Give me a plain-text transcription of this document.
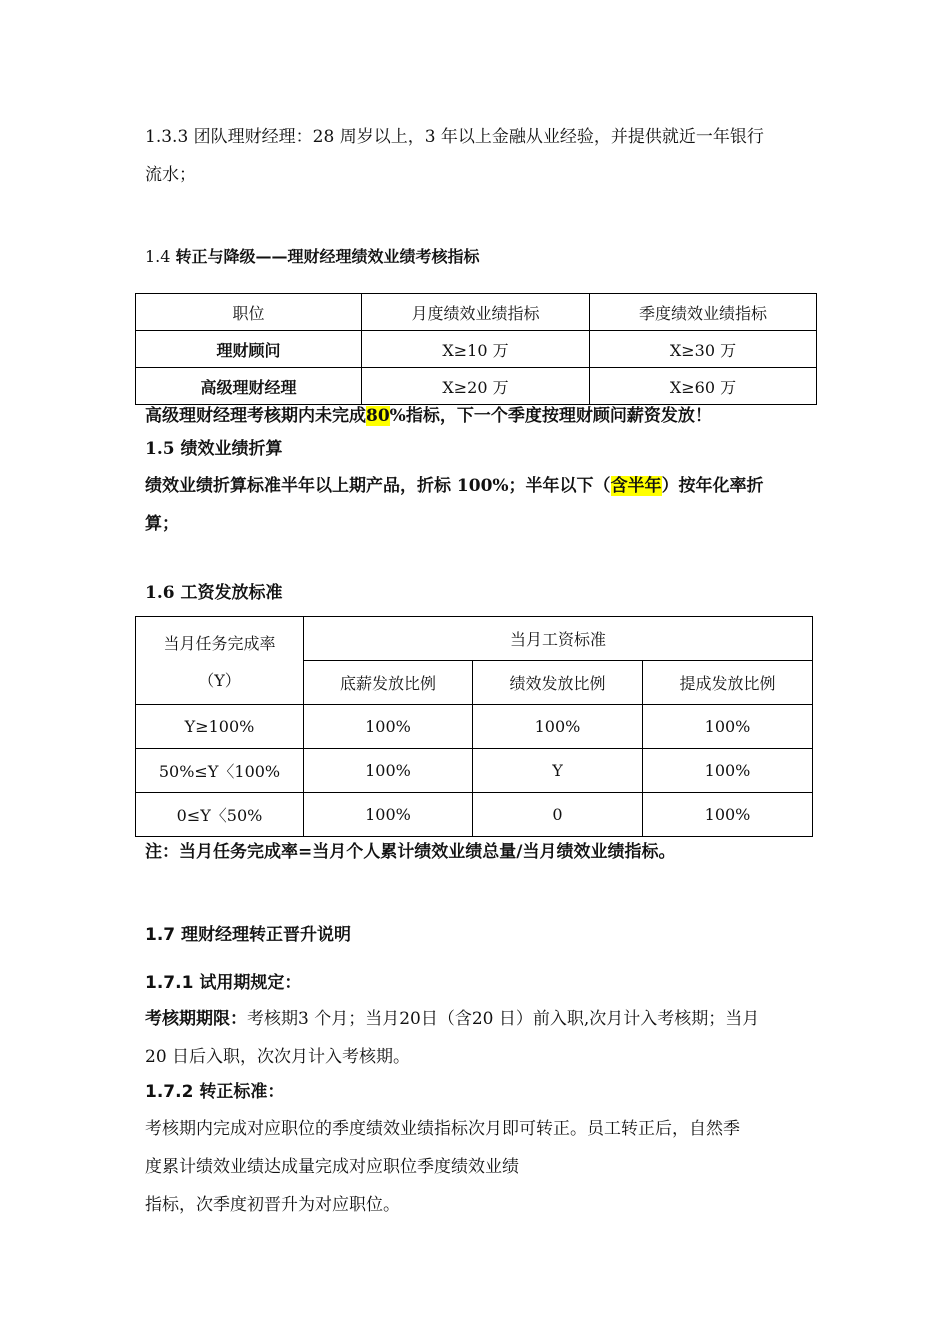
1.3.3 团队理财经理：28 周岁以上，3 年以上金融从业经验，并提供就近一年银行
流水；

1.4 转正与降级——理财经理绩效业绩考核指标

职位	月度绩效业绩指标	季度绩效业绩指标
理财顾问	X≥10 万	X≥30 万
高级理财经理	X≥20 万	X≥60 万

高级理财经理考核期内未完成80%指标，下一个季度按理财顾问薪资发放！

1.5 绩效业绩折算

绩效业绩折算标准半年以上期产品，折标 100%；半年以下（含半年）按年化率折
算；

1.6 工资发放标准

当月任务完成率
（Y）	当月工资标准		
	底薪发放比例	绩效发放比例	提成发放比例
Y≥100%	100%	100%	100%
50%≤Y〈100%	100%	Y	100%
0≤Y〈50%	100%	0	100%

注：当月任务完成率=当月个人累计绩效业绩总量/当月绩效业绩指标。

1.7 理财经理转正晋升说明

1.7.1 试用期规定：

考核期期限：考核期3 个月；当月20日（含20 日）前入职,次月计入考核期；当月
20 日后入职，次次月计入考核期。

1.7.2 转正标准：

考核期内完成对应职位的季度绩效业绩指标次月即可转正。员工转正后，自然季
度累计绩效业绩达成量完成对应职位季度绩效业绩
指标，次季度初晋升为对应职位。
